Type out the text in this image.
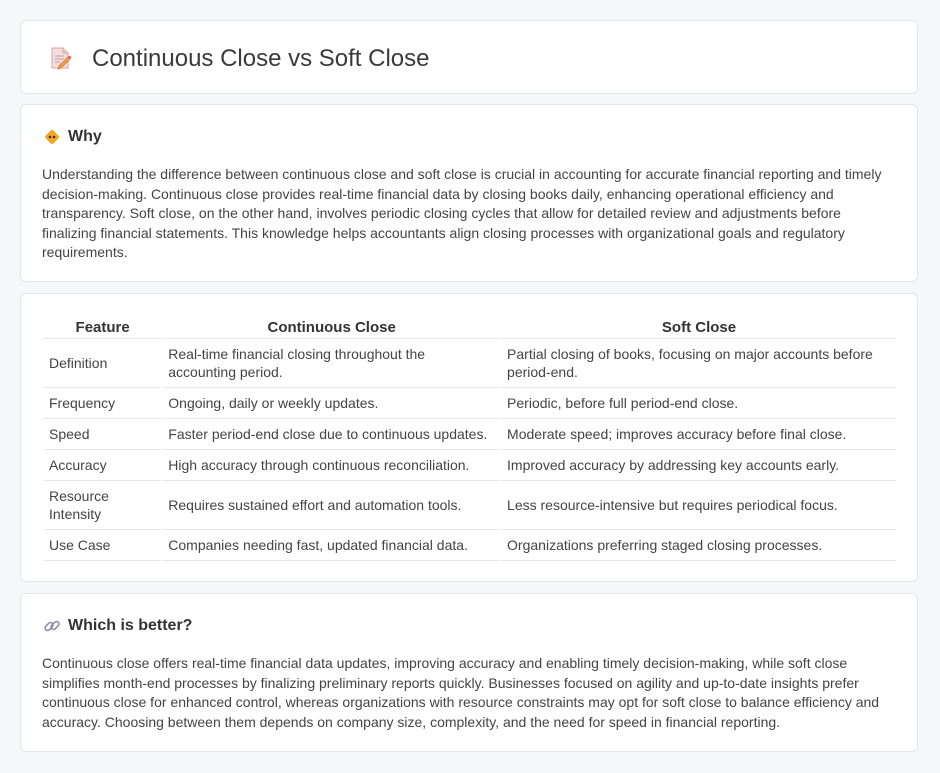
Continuous Close vs Soft Close
Why

Understanding the difference between continuous close and soft close is crucial in accounting for accurate financial reporting and timely decision-making. Continuous close provides real-time financial data by closing books daily, enhancing operational efficiency and transparency. Soft close, on the other hand, involves periodic closing cycles that allow for detailed review and adjustments before finalizing financial statements. This knowledge helps accountants align closing processes with organizational goals and regulatory requirements.

Feature	Continuous Close	Soft Close
Definition	Real-time financial closing throughout the accounting period.	Partial closing of books, focusing on major accounts before period-end.
Frequency	Ongoing, daily or weekly updates.	Periodic, before full period-end close.
Speed	Faster period-end close due to continuous updates.	Moderate speed; improves accuracy before final close.
Accuracy	High accuracy through continuous reconciliation.	Improved accuracy by addressing key accounts early.
Resource Intensity	Requires sustained effort and automation tools.	Less resource-intensive but requires periodical focus.
Use Case	Companies needing fast, updated financial data.	Organizations preferring staged closing processes.
Which is better?

Continuous close offers real-time financial data updates, improving accuracy and enabling timely decision-making, while soft close simplifies month-end processes by finalizing preliminary reports quickly. Businesses focused on agility and up-to-date insights prefer continuous close for enhanced control, whereas organizations with resource constraints may opt for soft close to balance efficiency and accuracy. Choosing between them depends on company size, complexity, and the need for speed in financial reporting.
